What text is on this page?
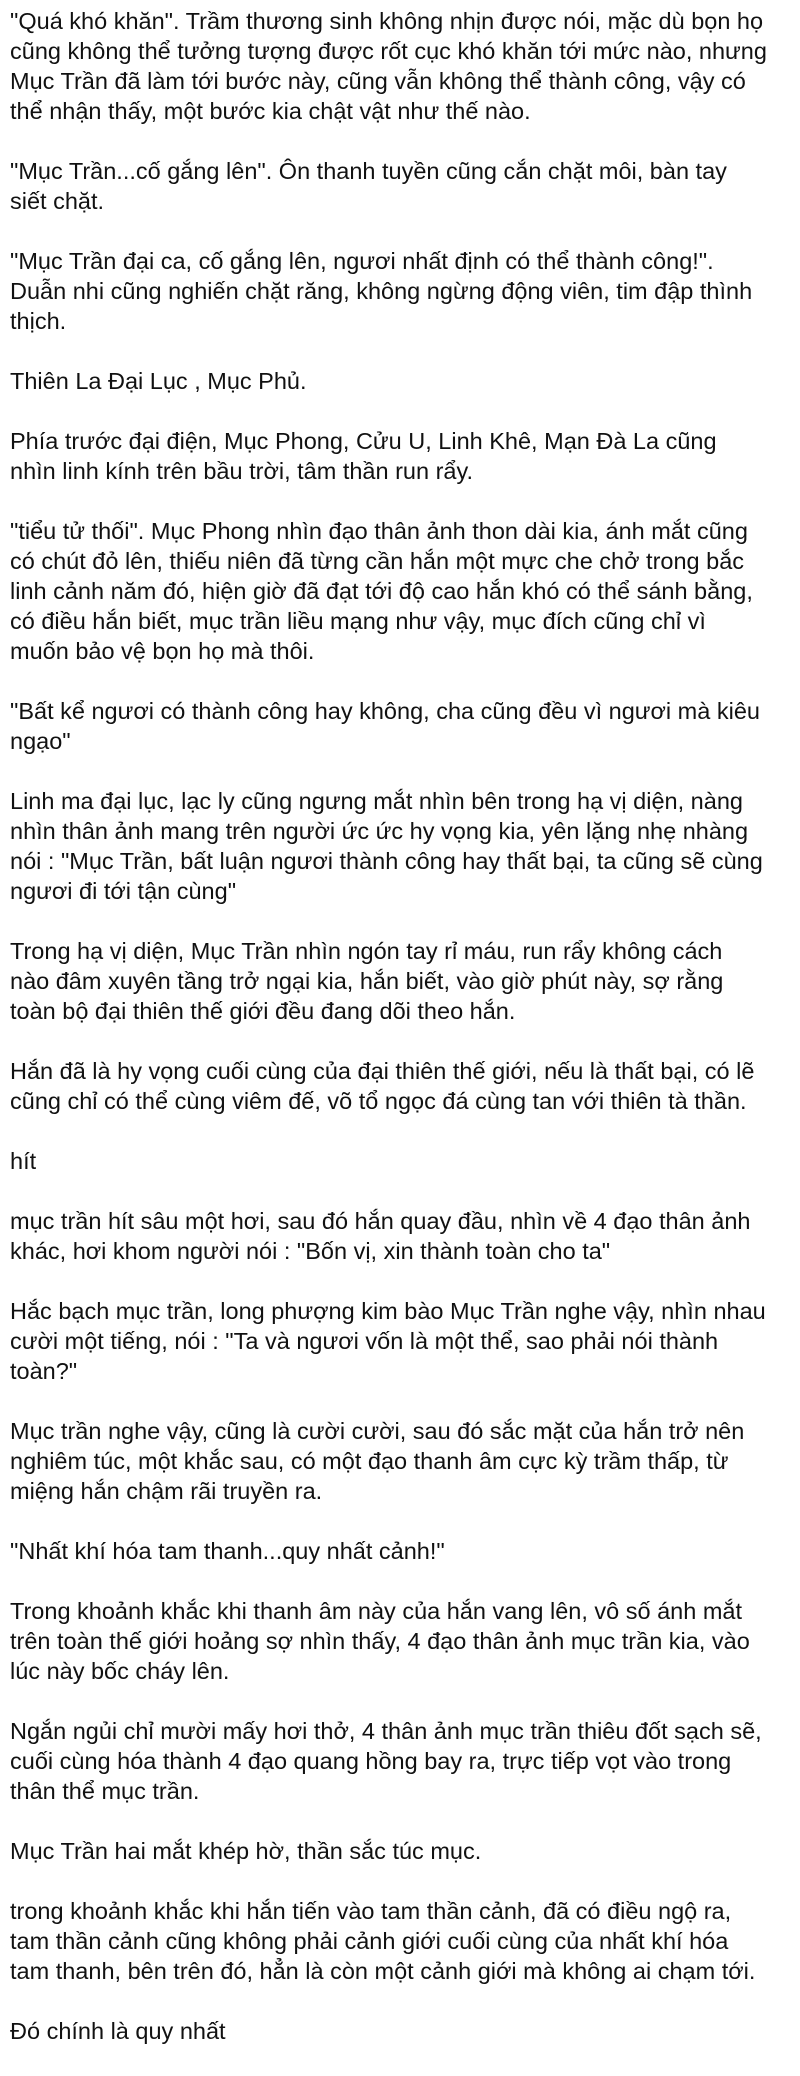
"Quá khó khăn". Trầm thương sinh không nhịn được nói, mặc dù bọn họ
cũng không thể tưởng tượng được rốt cục khó khăn tới mức nào, nhưng
Mục Trần đã làm tới bước này, cũng vẫn không thể thành công, vậy có
thể nhận thấy, một bước kia chật vật như thế nào.

"Mục Trần...cố gắng lên". Ôn thanh tuyền cũng cắn chặt môi, bàn tay
siết chặt.

"Mục Trần đại ca, cố gắng lên, ngươi nhất định có thể thành công!".
Duẫn nhi cũng nghiến chặt răng, không ngừng động viên, tim đập thình
thịch.

Thiên La Đại Lục , Mục Phủ.

Phía trước đại điện, Mục Phong, Cửu U, Linh Khê, Mạn Đà La cũng
nhìn linh kính trên bầu trời, tâm thần run rẩy.

"tiểu tử thối". Mục Phong nhìn đạo thân ảnh thon dài kia, ánh mắt cũng
có chút đỏ lên, thiếu niên đã từng cần hắn một mực che chở trong bắc
linh cảnh năm đó, hiện giờ đã đạt tới độ cao hắn khó có thể sánh bằng,
có điều hắn biết, mục trần liều mạng như vậy, mục đích cũng chỉ vì
muốn bảo vệ bọn họ mà thôi.

"Bất kể ngươi có thành công hay không, cha cũng đều vì ngươi mà kiêu
ngạo"

Linh ma đại lục, lạc ly cũng ngưng mắt nhìn bên trong hạ vị diện, nàng
nhìn thân ảnh mang trên người ức ức hy vọng kia, yên lặng nhẹ nhàng
nói : "Mục Trần, bất luận ngươi thành công hay thất bại, ta cũng sẽ cùng
ngươi đi tới tận cùng"

Trong hạ vị diện, Mục Trần nhìn ngón tay rỉ máu, run rẩy không cách
nào đâm xuyên tầng trở ngại kia, hắn biết, vào giờ phút này, sợ rằng
toàn bộ đại thiên thế giới đều đang dõi theo hắn.

Hắn đã là hy vọng cuối cùng của đại thiên thế giới, nếu là thất bại, có lẽ
cũng chỉ có thể cùng viêm đế, võ tổ ngọc đá cùng tan với thiên tà thần.

hít

mục trần hít sâu một hơi, sau đó hắn quay đầu, nhìn về 4 đạo thân ảnh
khác, hơi khom người nói : "Bốn vị, xin thành toàn cho ta"

Hắc bạch mục trần, long phượng kim bào Mục Trần nghe vậy, nhìn nhau
cười một tiếng, nói : "Ta và ngươi vốn là một thể, sao phải nói thành
toàn?"

Mục trần nghe vậy, cũng là cười cười, sau đó sắc mặt của hắn trở nên
nghiêm túc, một khắc sau, có một đạo thanh âm cực kỳ trầm thấp, từ
miệng hắn chậm rãi truyền ra.

"Nhất khí hóa tam thanh...quy nhất cảnh!"

Trong khoảnh khắc khi thanh âm này của hắn vang lên, vô số ánh mắt
trên toàn thế giới hoảng sợ nhìn thấy, 4 đạo thân ảnh mục trần kia, vào
lúc này bốc cháy lên.

Ngắn ngủi chỉ mười mấy hơi thở, 4 thân ảnh mục trần thiêu đốt sạch sẽ,
cuối cùng hóa thành 4 đạo quang hồng bay ra, trực tiếp vọt vào trong
thân thể mục trần.

Mục Trần hai mắt khép hờ, thần sắc túc mục.

trong khoảnh khắc khi hắn tiến vào tam thần cảnh, đã có điều ngộ ra,
tam thần cảnh cũng không phải cảnh giới cuối cùng của nhất khí hóa
tam thanh, bên trên đó, hẳn là còn một cảnh giới mà không ai chạm tới.

Đó chính là quy nhất
